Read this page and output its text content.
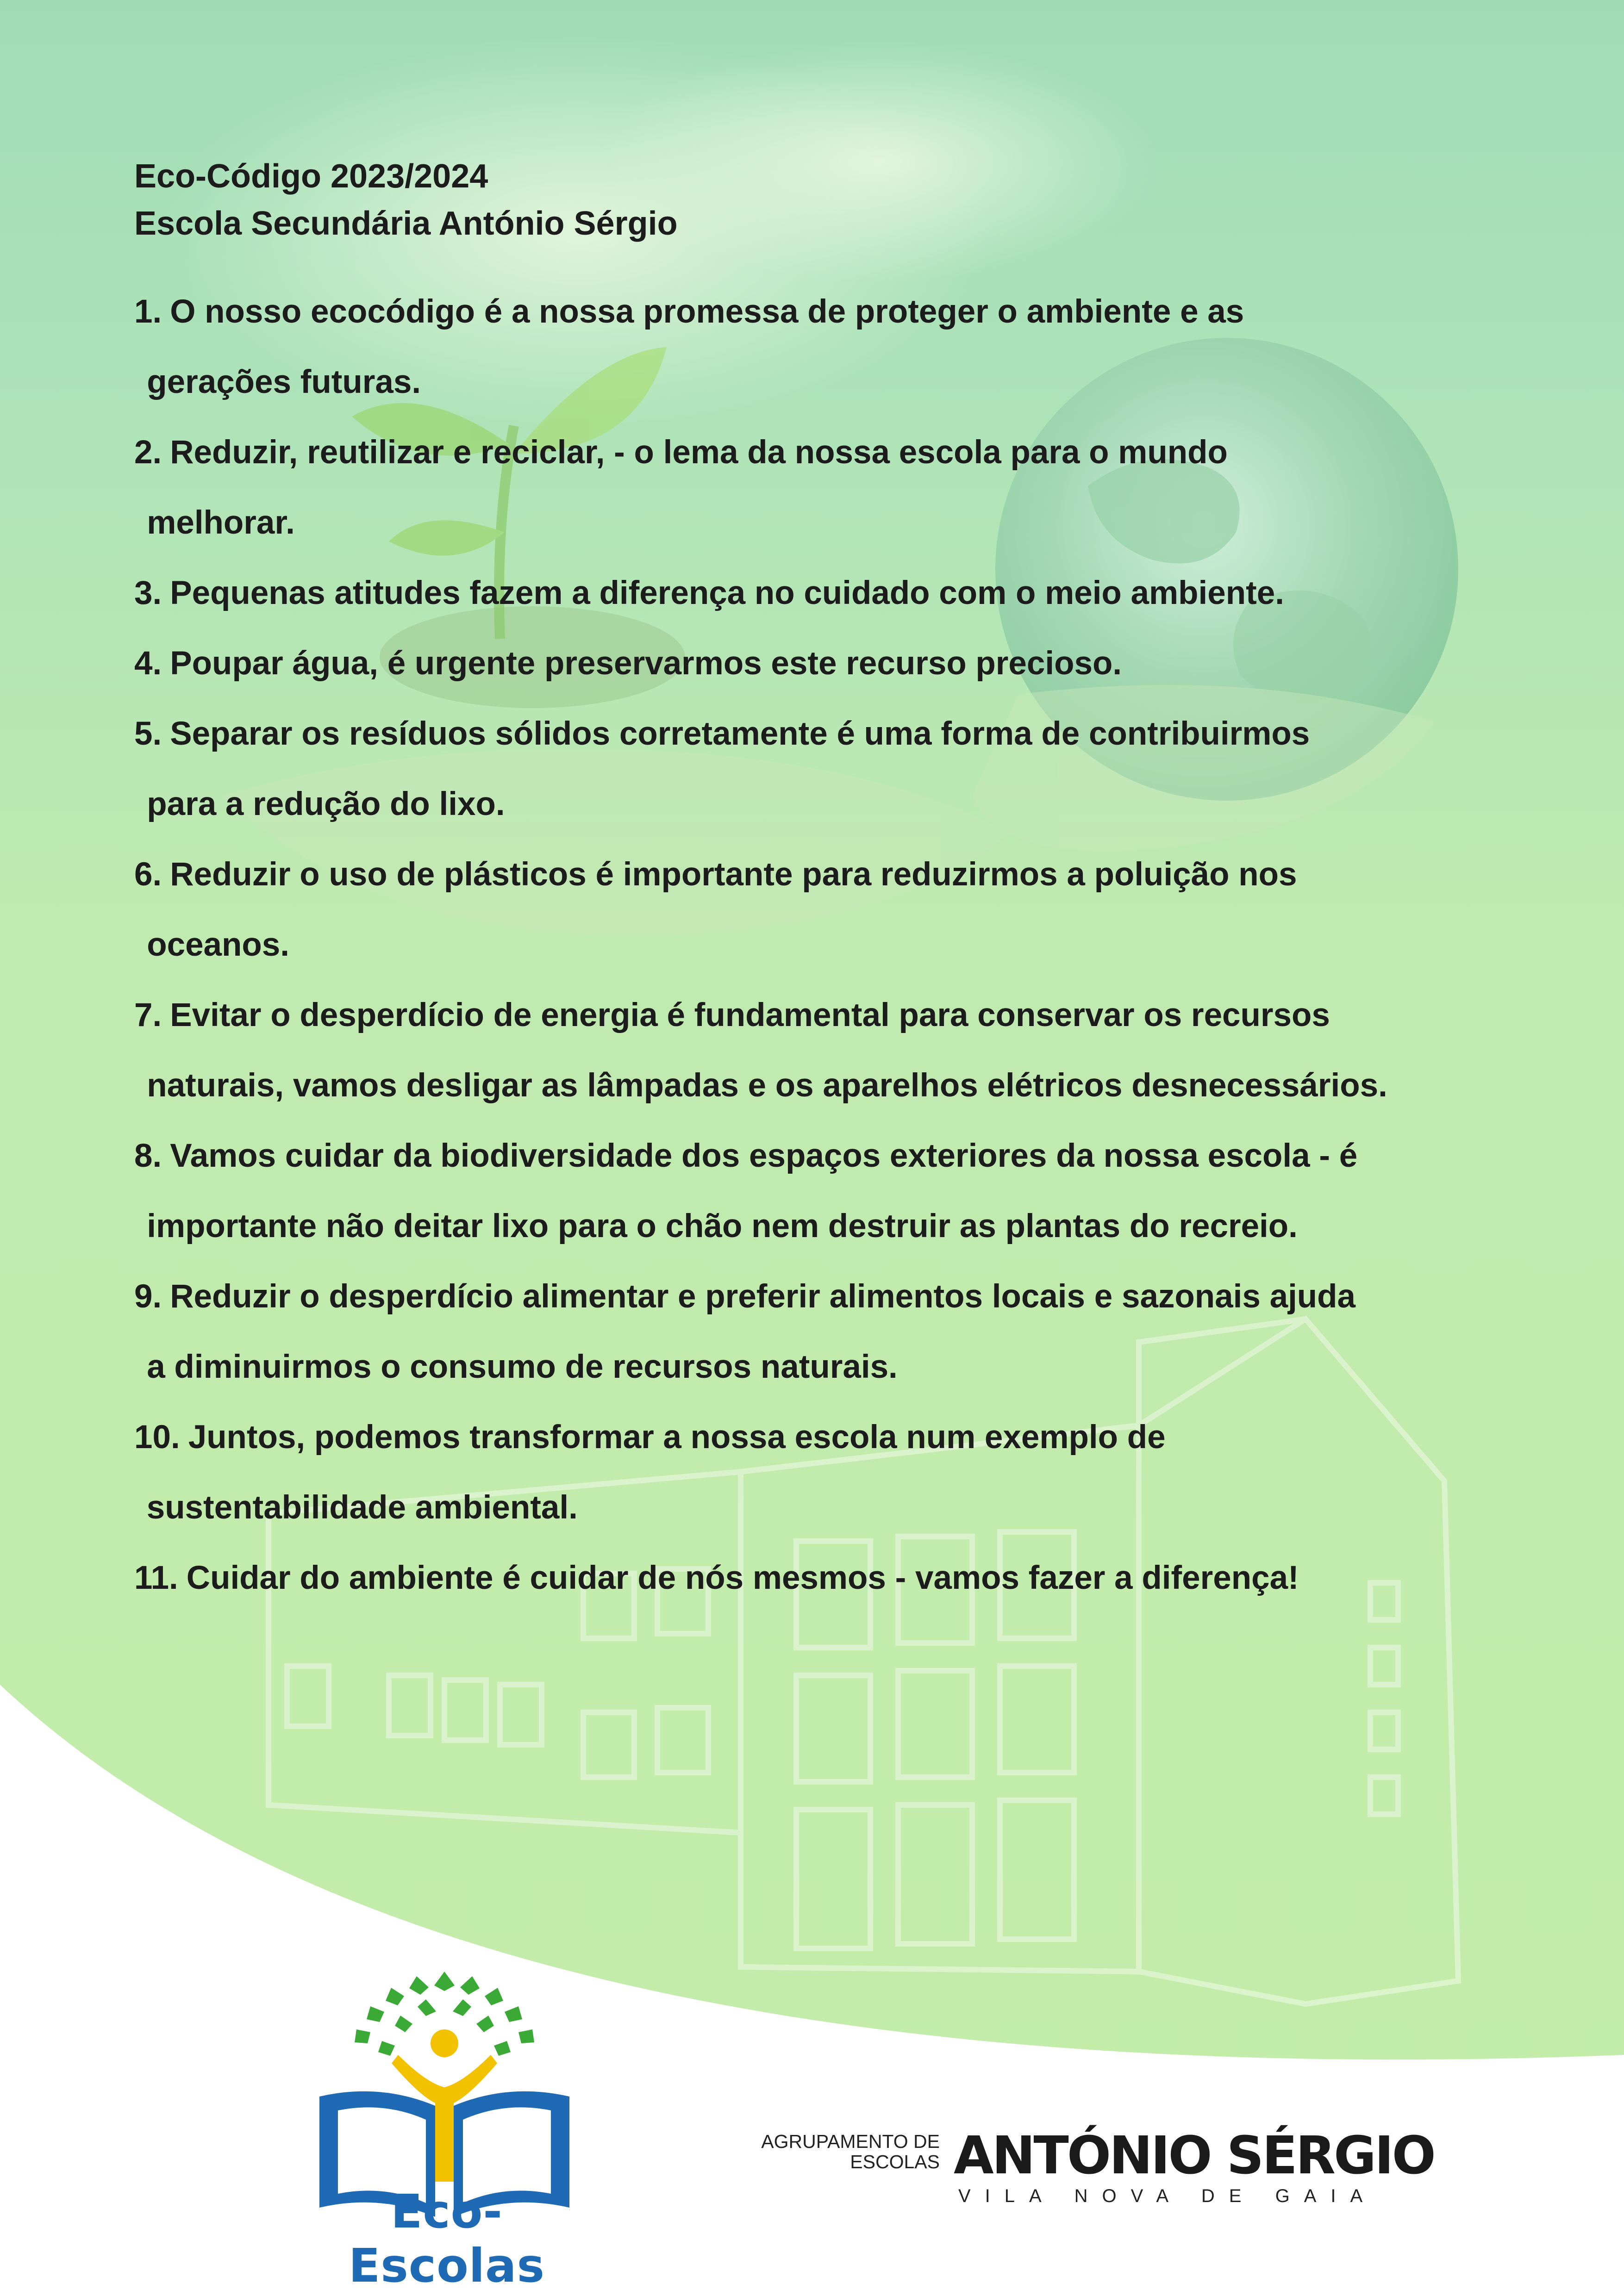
Eco-Código 2023/2024
Escola Secundária António Sérgio
1. O nosso ecocódigo é a nossa promessa de proteger o ambiente e as
gerações futuras.
2. Reduzir, reutilizar e reciclar, - o lema da nossa escola para o mundo
melhorar.
3. Pequenas atitudes fazem a diferença no cuidado com o meio ambiente.
4. Poupar água, é urgente preservarmos este recurso precioso.
5. Separar os resíduos sólidos corretamente é uma forma de contribuirmos
para a redução do lixo.
6. Reduzir o uso de plásticos é importante para reduzirmos a poluição nos
oceanos.
7. Evitar o desperdício de energia é fundamental para conservar os recursos
naturais, vamos desligar as lâmpadas e os aparelhos elétricos desnecessários.
8. Vamos cuidar da biodiversidade dos espaços exteriores da nossa escola - é
importante não deitar lixo para o chão nem destruir as plantas do recreio.
9. Reduzir o desperdício alimentar e preferir alimentos locais e sazonais ajuda
a diminuirmos o consumo de recursos naturais.
10. Juntos, podemos transformar a nossa escola num exemplo de
sustentabilidade ambiental.
11. Cuidar do ambiente é cuidar de nós mesmos - vamos fazer a diferença!
Eco-Escolas
AGRUPAMENTO DE
ESCOLAS ANTÓNIO SÉRGIO
VILA NOVA DE GAIA
